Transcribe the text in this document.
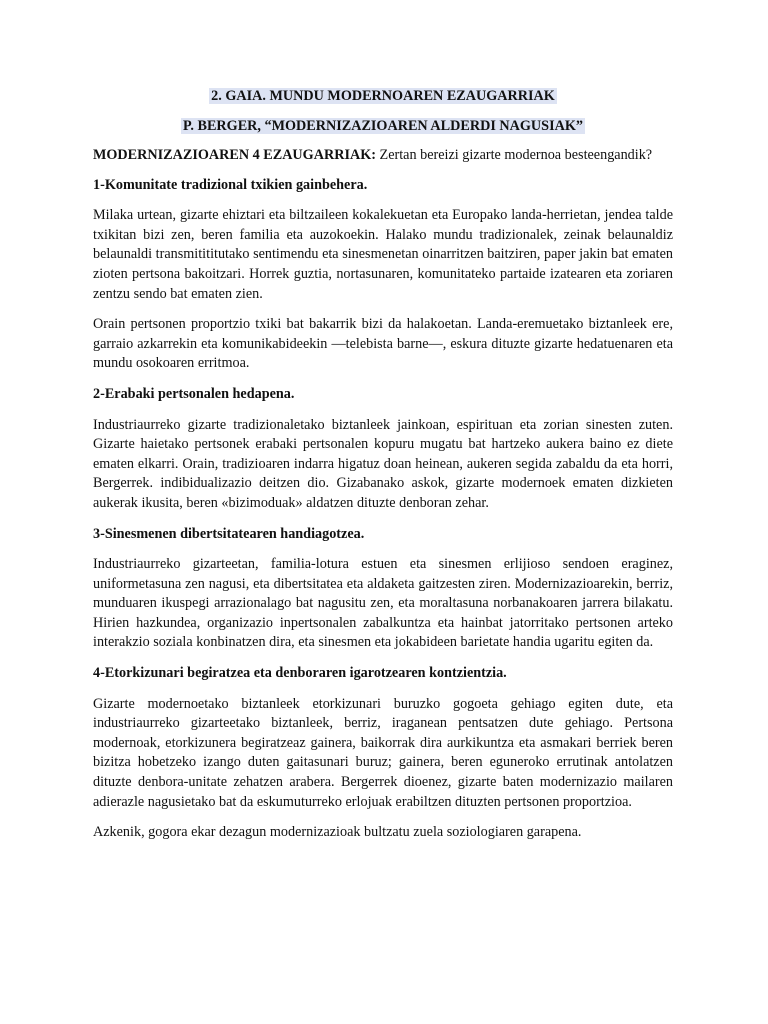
2. GAIA. MUNDU MODERNOAREN EZAUGARRIAK
P. BERGER, “MODERNIZAZIOAREN ALDERDI NAGUSIAK”

MODERNIZAZIOAREN 4 EZAUGARRIAK: Zertan bereizi gizarte modernoa besteengandik?

1-Komunitate tradizional txikien gainbehera.

Milaka urtean, gizarte ehiztari eta biltzaileen kokalekuetan eta Europako landa-herrietan, jendea talde txikitan bizi zen, beren familia eta auzokoekin. Halako mundu tradizionalek, zeinak belaunaldiz belaunaldi transmitititutako sentimendu eta sinesmenetan oinarritzen baitziren, paper jakin bat ematen zioten pertsona bakoitzari. Horrek guztia, nortasunaren, komunitateko partaide izatearen eta zoriaren zentzu sendo bat ematen zien.

Orain pertsonen proportzio txiki bat bakarrik bizi da halakoetan. Landa-eremuetako biztanleek ere, garraio azkarrekin eta komunikabideekin —telebista barne—, eskura dituzte gizarte hedatuenaren eta mundu osokoaren erritmoa.

2-Erabaki pertsonalen hedapena.

Industriaurreko gizarte tradizionaletako biztanleek jainkoan, espirituan eta zorian sinesten zuten. Gizarte haietako pertsonek erabaki pertsonalen kopuru mugatu bat hartzeko aukera baino ez diete ematen elkarri. Orain, tradizioaren indarra higatuz doan heinean, aukeren segida zabaldu da eta horri, Bergerrek. indibidualizazio deitzen dio. Gizabanako askok, gizarte modernoek ematen dizkieten aukerak ikusita, beren «bizimoduak» aldatzen dituzte denboran zehar.

3-Sinesmenen dibertsitatearen handiagotzea.

Industriaurreko gizarteetan, familia-lotura estuen eta sinesmen erlijioso sendoen eraginez, uniformetasuna zen nagusi, eta dibertsitatea eta aldaketa gaitzesten ziren. Modernizazioarekin, berriz, munduaren ikuspegi arrazionalago bat nagusitu zen, eta moraltasuna norbanakoaren jarrera bilakatu. Hirien hazkundea, organizazio inpertsonalen zabalkuntza eta hainbat jatorritako pertsonen arteko interakzio soziala konbinatzen dira, eta sinesmen eta jokabideen barietate handia ugaritu egiten da.

4-Etorkizunari begiratzea eta denboraren igarotzearen kontzientzia.

Gizarte modernoetako biztanleek etorkizunari buruzko gogoeta gehiago egiten dute, eta industriaurreko gizarteetako biztanleek, berriz, iraganean pentsatzen dute gehiago. Pertsona modernoak, etorkizunera begiratzeaz gainera, baikorrak dira aurkikuntza eta asmakari berriek beren bizitza hobetzeko izango duten gaitasunari buruz; gainera, beren eguneroko errutinak antolatzen dituzte denbora-unitate zehatzen arabera. Bergerrek dioenez, gizarte baten modernizazio mailaren adierazle nagusietako bat da eskumuturreko erlojuak erabiltzen dituzten pertsonen proportzioa.

Azkenik, gogora ekar dezagun modernizazioak bultzatu zuela soziologiaren garapena.
